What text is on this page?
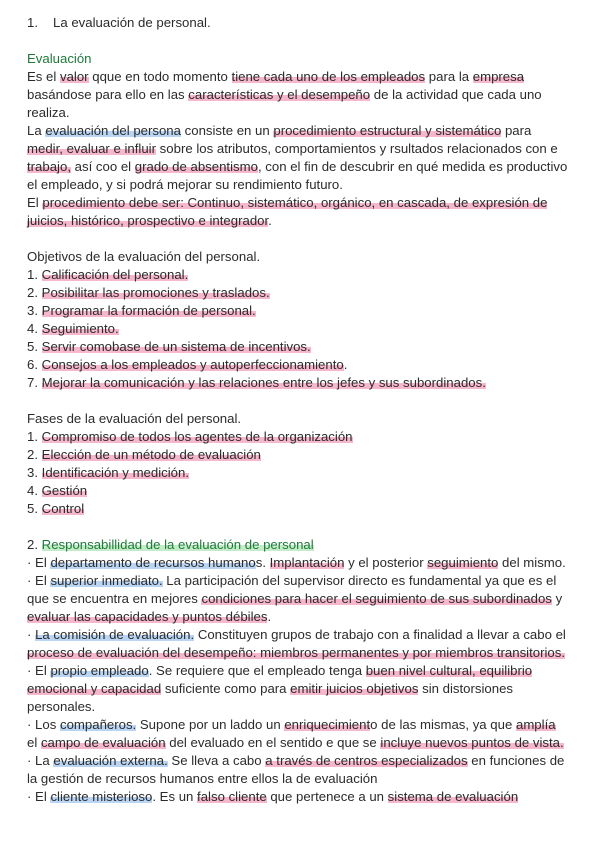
1. La evaluación de personal.
Evaluación
Es el valor qque en todo momento tiene cada uno de los empleados para la empresa
basándose para ello en las características y el desempeño de la actividad que cada uno
realiza.
La evaluación del persona consiste en un procedimiento estructural y sistemático para
medir, evaluar e influir sobre los atributos, comportamientos y rsultados relacionados con e
trabajo, así coo el grado de absentismo, con el fin de descubrir en qué medida es productivo
el empleado, y si podrá mejorar su rendimiento futuro.
El procedimiento debe ser: Continuo, sistemático, orgánico, en cascada, de expresión de
juicios, histórico, prospectivo e integrador.
Objetivos de la evaluación del personal.
1. Calificación del personal.
2. Posibilitar las promociones y traslados.
3. Programar la formación de personal.
4. Seguimiento.
5. Servir comobase de un sistema de incentivos.
6. Consejos a los empleados y autoperfeccionamiento.
7. Mejorar la comunicación y las relaciones entre los jefes y sus subordinados.
Fases de la evaluación del personal.
1. Compromiso de todos los agentes de la organización
2. Elección de un método de evaluación
3. Identificación y medición.
4. Gestión
5. Control
2. Responsabillidad de la evaluación de personal
· El departamento de recursos humanos. Implantación y el posterior seguimiento del mismo.
· El superior inmediato. La participación del supervisor directo es fundamental ya que es el
que se encuentra en mejores condiciones para hacer el seguimiento de sus subordinados y
evaluar las capacidades y puntos débiles.
· La comisión de evaluación. Constituyen grupos de trabajo con a finalidad a llevar a cabo el
proceso de evaluación del desempeño: miembros permanentes y por miembros transitorios.
· El propio empleado. Se requiere que el empleado tenga buen nivel cultural, equilibrio
emocional y capacidad suficiente como para emitir juicios objetivos sin distorsiones
personales.
· Los compañeros. Supone por un laddo un enriquecimiento de las mismas, ya que amplía
el campo de evaluación del evaluado en el sentido e que se incluye nuevos puntos de vista.
· La evaluación externa. Se lleva a cabo a través de centros especializados en funciones de
la gestión de recursos humanos entre ellos la de evaluación
· El cliente misterioso. Es un falso cliente que pertenece a un sistema de evaluación
